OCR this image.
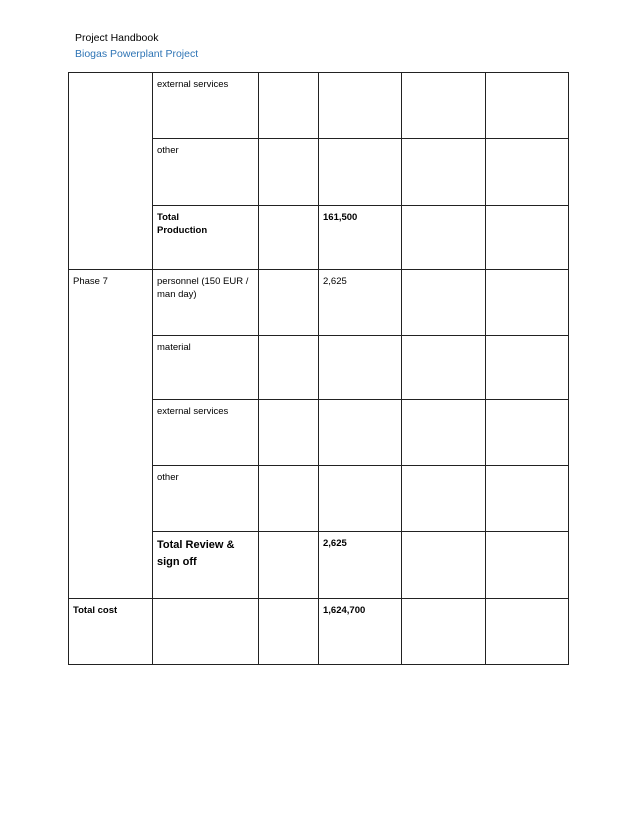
Project Handbook
Biogas Powerplant Project
	external services				
	other				

	Total Production		161,500		
Phase 7	personnel (150 EUR / man day)		2,625		
	material				
	external services				
	other				

	Total Review & sign off		2,625		
Total cost			1,624,700		
